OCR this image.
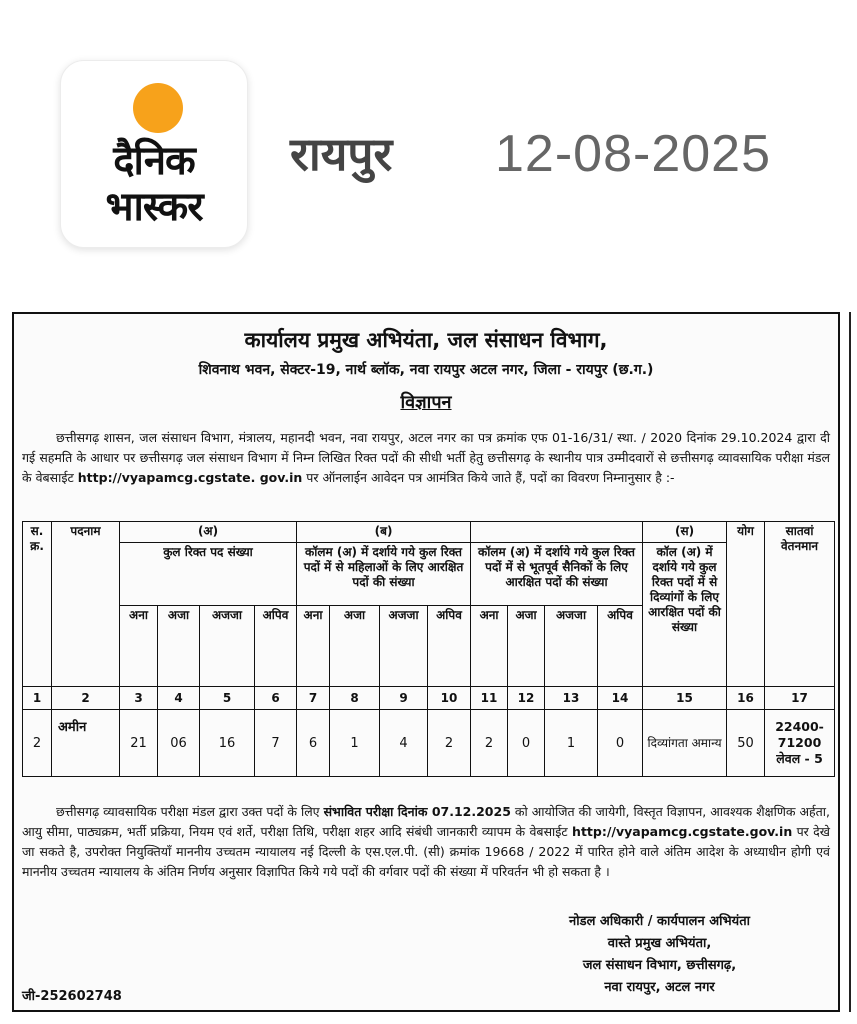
दैनिक
भास्कर
रायपुर 12-08-2025
कार्यालय प्रमुख अभियंता, जल संसाधन विभाग,
शिवनाथ भवन, सेक्टर-19, नार्थ ब्लॉक, नवा रायपुर अटल नगर, जिला - रायपुर (छ.ग.)
विज्ञापन
छत्तीसगढ़ शासन, जल संसाधन विभाग, मंत्रालय, महानदी भवन, नवा रायपुर, अटल नगर का पत्र क्रमांक एफ 01-16/31/ स्था. / 2020 दिनांक 29.10.2024 द्वारा दी गई सहमति के आधार पर छत्तीसगढ़ जल संसाधन विभाग में निम्न लिखित रिक्त पदों की सीधी भर्ती हेतु छत्तीसगढ़ के स्थानीय पात्र उम्मीदवारों से छत्तीसगढ़ व्यावसायिक परीक्षा मंडल के वेबसाईट http://vyapamcg.cgstate. gov.in पर ऑनलाईन आवेदन पत्र आमंत्रित किये जाते हैं, पदों का विवरण निम्नानुसार है :-
स. क्र.	पदनाम	(अ)				(ब)								(स)	योग	सातवां वेतनमान
		कुल रिक्त पद संख्या				कॉलम (अ) में दर्शाये गये कुल रिक्त पदों में से महिलाओं के लिए आरक्षित पदों की संख्या				कॉलम (अ) में दर्शाये गये कुल रिक्त पदों में से भूतपूर्व सैनिकों के लिए आरक्षित पदों की संख्या				कॉल (अ) में दर्शाये गये कुल रिक्त पदों में से दिव्यांगों के लिए आरक्षित पदों की संख्या		
		अना	अजा	अजजा	अपिव	अना	अजा	अजजा	अपिव	अना	अजा	अजजा	अपिव			
1	2	3	4	5	6	7	8	9	10	11	12	13	14	15	16	17
2	अमीन	21	06	16	7	6	1	4	2	2	0	1	0	दिव्यांगता अमान्य	50	22400-
71200
लेवल - 5
छत्तीसगढ़ व्यावसायिक परीक्षा मंडल द्वारा उक्त पदों के लिए संभावित परीक्षा दिनांक 07.12.2025 को आयोजित की जायेगी, विस्तृत विज्ञापन, आवश्यक शैक्षणिक अर्हता, आयु सीमा, पाठ्यक्रम, भर्ती प्रक्रिया, नियम एवं शर्ते, परीक्षा तिथि, परीक्षा शहर आदि संबंधी जानकारी व्यापम के वेबसाईट http://vyapamcg.cgstate.gov.in पर देखे जा सकते है, उपरोक्त नियुक्तियाँ माननीय उच्चतम न्यायालय नई दिल्ली के एस.एल.पी. (सी) क्रमांक 19668 / 2022 में पारित होने वाले अंतिम आदेश के अध्याधीन होगी एवं माननीय उच्चतम न्यायालय के अंतिम निर्णय अनुसार विज्ञापित किये गये पदों की वर्गवार पदों की संख्या में परिवर्तन भी हो सकता है ।
नोडल अधिकारी / कार्यपालन अभियंता
वास्ते प्रमुख अभियंता,
जल संसाधन विभाग, छत्तीसगढ़,
नवा रायपुर, अटल नगर
जी-252602748
